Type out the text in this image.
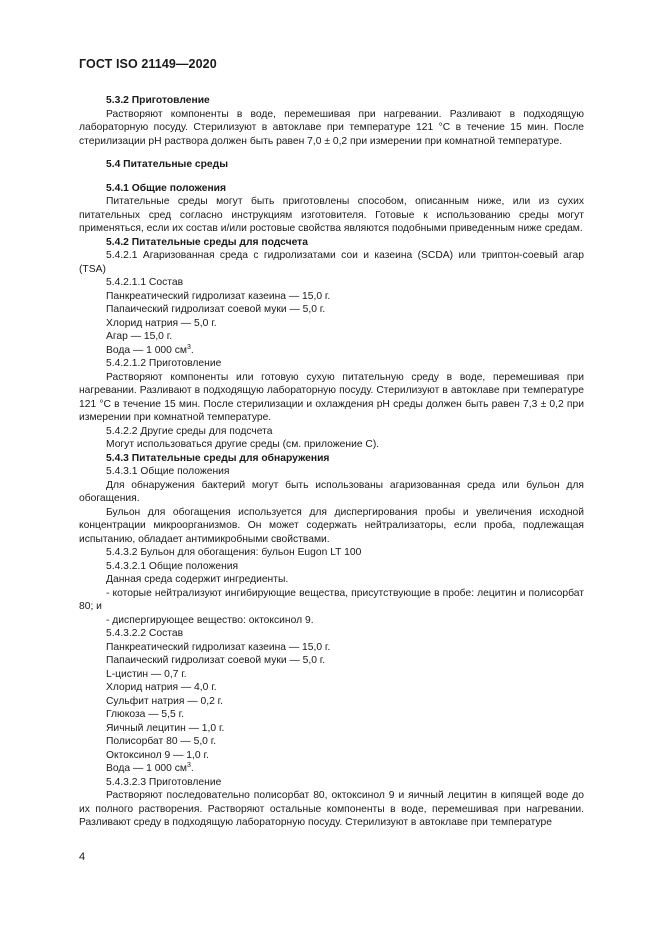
ГОСТ ISO 21149—2020

5.3.2 Приготовление

Растворяют компоненты в воде, перемешивая при нагревании. Разливают в подходящую лабораторную посуду. Стерилизуют в автоклаве при температуре 121 °С в течение 15 мин. После стерилизации pH раствора должен быть равен 7,0 ± 0,2 при измерении при комнатной температуре.

5.4 Питательные среды

5.4.1 Общие положения

Питательные среды могут быть приготовлены способом, описанным ниже, или из сухих питательных сред согласно инструкциям изготовителя. Готовые к использованию среды могут применяться, если их состав и/или ростовые свойства являются подобными приведенным ниже средам.

5.4.2 Питательные среды для подсчета

5.4.2.1 Агаризованная среда с гидролизатами сои и казеина (SCDA) или триптон-соевый агар (TSA)

5.4.2.1.1 Состав

Панкреатический гидролизат казеина — 15,0 г.

Папаический гидролизат соевой муки — 5,0 г.

Хлорид натрия — 5,0 г.

Агар — 15,0 г.

Вода — 1 000 $см^3$.

5.4.2.1.2 Приготовление

Растворяют компоненты или готовую сухую питательную среду в воде, перемешивая при нагревании. Разливают в подходящую лабораторную посуду. Стерилизуют в автоклаве при температуре 121 °С в течение 15 мин. После стерилизации и охлаждения pH среды должен быть равен 7,3 ± 0,2 при измерении при комнатной температуре.

5.4.2.2 Другие среды для подсчета

Могут использоваться другие среды (см. приложение С).

5.4.3 Питательные среды для обнаружения

5.4.3.1 Общие положения

Для обнаружения бактерий могут быть использованы агаризованная среда или бульон для обогащения.

Бульон для обогащения используется для диспергирования пробы и увеличения исходной концентрации микроорганизмов. Он может содержать нейтрализаторы, если проба, подлежащая испытанию, обладает антимикробными свойствами.

5.4.3.2 Бульон для обогащения: бульон Eugon LT 100

5.4.3.2.1 Общие положения

Данная среда содержит ингредиенты.

- которые нейтрализуют ингибирующие вещества, присутствующие в пробе: лецитин и полисорбат 80; и

- диспергирующее вещество: октоксинол 9.

5.4.3.2.2 Состав

Панкреатический гидролизат казеина — 15,0 г.

Папаический гидролизат соевой муки — 5,0 г.

L-цистин — 0,7 г.

Хлорид натрия — 4,0 г.

Сульфит натрия — 0,2 г.

Глюкоза — 5,5 г.

Яичный лецитин — 1,0 г.

Полисорбат 80 — 5,0 г.

Октоксинол 9 — 1,0 г.

Вода — 1 000 $см^3$.

5.4.3.2.3 Приготовление

Растворяют последовательно полисорбат 80, октоксинол 9 и яичный лецитин в кипящей воде до их полного растворения. Растворяют остальные компоненты в воде, перемешивая при нагревании. Разливают среду в подходящую лабораторную посуду. Стерилизуют в автоклаве при температуре

4
